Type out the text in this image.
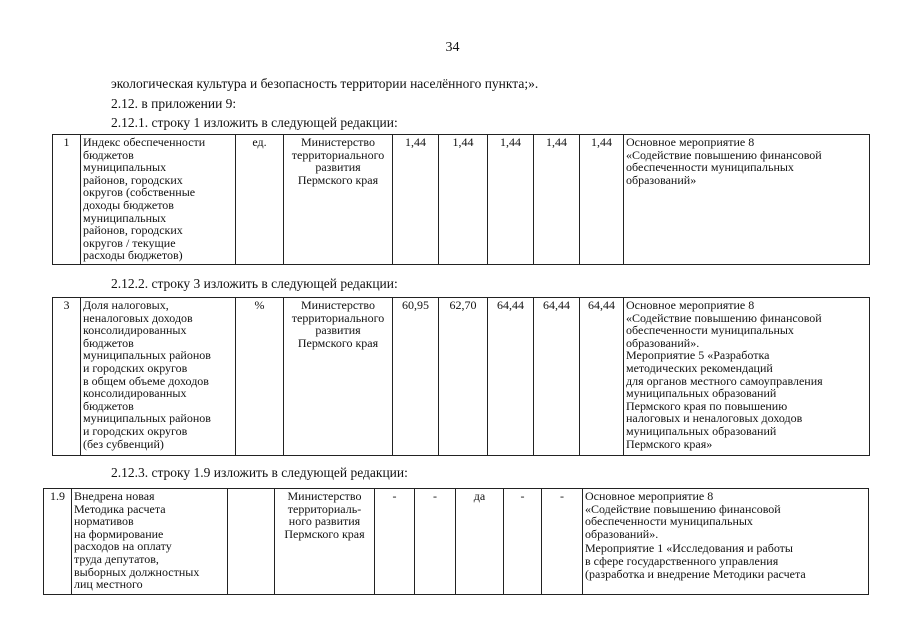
34
экологическая культура и безопасность территории населённого пункта;».
2.12. в приложении 9:
2.12.1. строку 1 изложить в следующей редакции:
1	Индекс обеспеченности
бюджетов
муниципальных
районов, городских
округов (собственные
доходы бюджетов
муниципальных
районов, городских
округов / текущие
расходы бюджетов)	ед.	Министерство
территориального
развития
Пермского края	1,44	1,44	1,44	1,44	1,44	Основное мероприятие 8
«Содействие повышению финансовой
обеспеченности муниципальных
образований»
2.12.2. строку 3 изложить в следующей редакции:
3	Доля налоговых,
неналоговых доходов
консолидированных
бюджетов
муниципальных районов
и городских округов
в общем объеме доходов
консолидированных
бюджетов
муниципальных районов
и городских округов
(без субвенций)	%	Министерство
территориального
развития
Пермского края	60,95	62,70	64,44	64,44	64,44	Основное мероприятие 8
«Содействие повышению финансовой
обеспеченности муниципальных
образований».
Мероприятие 5 «Разработка
методических рекомендаций
для органов местного самоуправления
муниципальных образований
Пермского края по повышению
налоговых и неналоговых доходов
муниципальных образований
Пермского края»
2.12.3. строку 1.9 изложить в следующей редакции:
1.9	Внедрена новая
Методика расчета
нормативов
на формирование
расходов на оплату
труда депутатов,
выборных должностных
лиц местного		Министерство
территориаль-
ного развития
Пермского края	-	-	да	-	-	Основное мероприятие 8
«Содействие повышению финансовой
обеспеченности муниципальных
образований».
Мероприятие 1 «Исследования и работы
в сфере государственного управления
(разработка и внедрение Методики расчета
